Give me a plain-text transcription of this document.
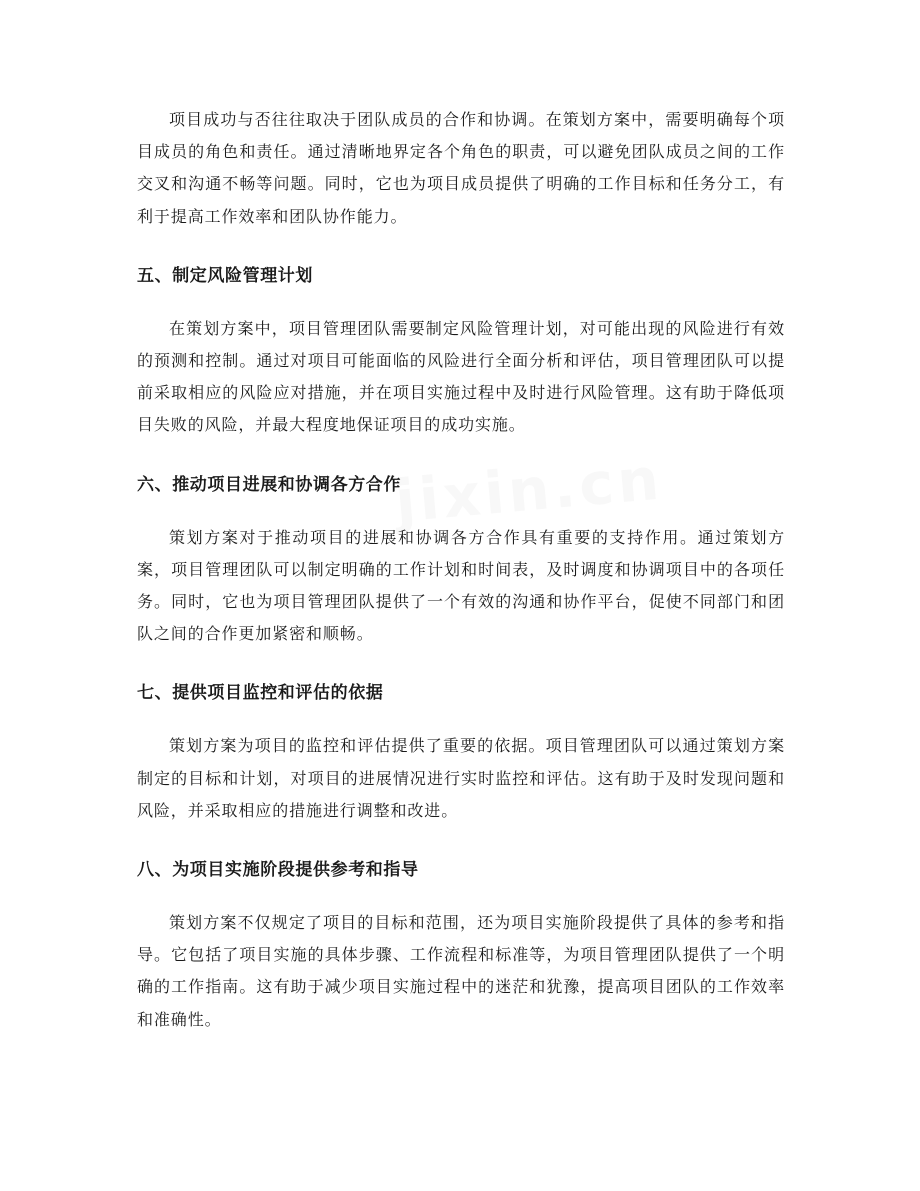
jixin.cn

项目成功与否往往取决于团队成员的合作和协调。在策划方案中，需要明确每个项目成员的角色和责任。通过清晰地界定各个角色的职责，可以避免团队成员之间的工作交叉和沟通不畅等问题。同时，它也为项目成员提供了明确的工作目标和任务分工，有利于提高工作效率和团队协作能力。

五、制定风险管理计划

在策划方案中，项目管理团队需要制定风险管理计划，对可能出现的风险进行有效的预测和控制。通过对项目可能面临的风险进行全面分析和评估，项目管理团队可以提前采取相应的风险应对措施，并在项目实施过程中及时进行风险管理。这有助于降低项目失败的风险，并最大程度地保证项目的成功实施。

六、推动项目进展和协调各方合作

策划方案对于推动项目的进展和协调各方合作具有重要的支持作用。通过策划方案，项目管理团队可以制定明确的工作计划和时间表，及时调度和协调项目中的各项任务。同时，它也为项目管理团队提供了一个有效的沟通和协作平台，促使不同部门和团队之间的合作更加紧密和顺畅。

七、提供项目监控和评估的依据

策划方案为项目的监控和评估提供了重要的依据。项目管理团队可以通过策划方案制定的目标和计划，对项目的进展情况进行实时监控和评估。这有助于及时发现问题和风险，并采取相应的措施进行调整和改进。

八、为项目实施阶段提供参考和指导

策划方案不仅规定了项目的目标和范围，还为项目实施阶段提供了具体的参考和指导。它包括了项目实施的具体步骤、工作流程和标准等，为项目管理团队提供了一个明确的工作指南。这有助于减少项目实施过程中的迷茫和犹豫，提高项目团队的工作效率和准确性。
